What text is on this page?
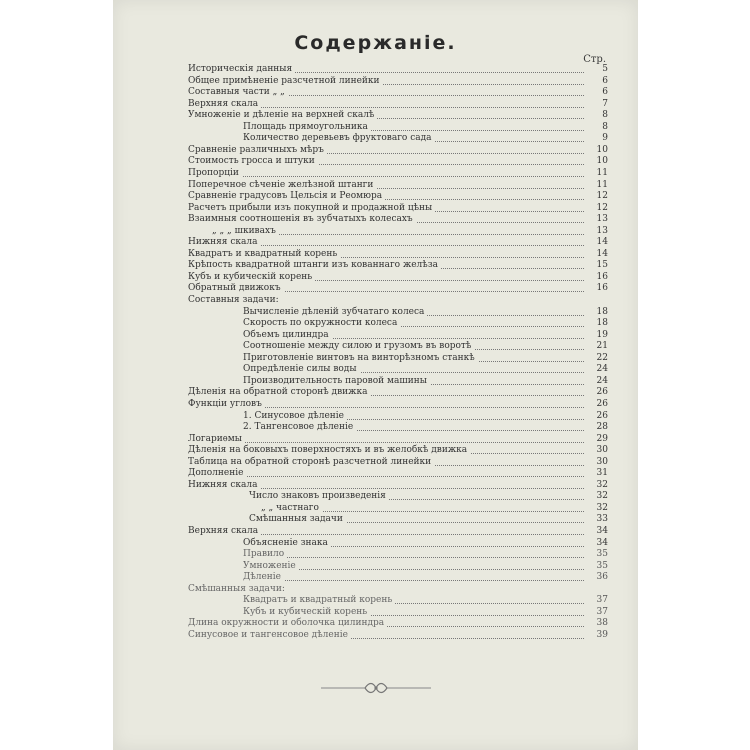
Содержаніе.
Стр.
Историческія данныя	5
Общее примѣненіе разсчетной линейки	6
Составныя части „ „	6
Верхняя скала	7
Умноженіе и дѣленіе на верхней скалѣ	8
Площадь прямоугольника	8
Количество деревьевъ фруктоваго сада	9
Сравненіе различныхъ мѣръ	10
Стоимость гросса и штуки	10
Пропорціи	11
Поперечное сѣченіе желѣзной штанги	11
Сравненіе градусовъ Цельсія и Реомюра	12
Расчетъ прибыли изъ покупной и продажной цѣны	12
Взаимныя соотношенія въ зубчатыхъ колесахъ	13
„ „ „ шкивахъ	13
Нижняя скала	14
Квадратъ и квадратный корень	14
Крѣпость квадратной штанги изъ кованнаго желѣза	15
Кубъ и кубическій корень	16
Обратный движокъ	16
Составныя задачи:
Вычисленіе дѣленій зубчатаго колеса	18
Скорость по окружности колеса	18
Объемъ цилиндра	19
Соотношеніе между силою и грузомъ въ воротѣ	21
Приготовленіе винтовъ на винторѣзномъ станкѣ	22
Опредѣленіе силы воды	24
Производительность паровой машины	24
Дѣленія на обратной сторонѣ движка	26
Функціи угловъ	26
1. Синусовое дѣленіе	26
2. Тангенсовое дѣленіе	28
Логариѳмы	29
Дѣленія на боковыхъ поверхностяхъ и въ желобкѣ движка	30
Таблица на обратной сторонѣ разсчетной линейки	30
Дополненіе	31
Нижняя скала	32
Число знаковъ произведенія	32
„ „ частнаго	32
Смѣшанныя задачи	33
Верхняя скала	34
Объясненіе знака	34
Правило	35
Умноженіе	35
Дѣленіе	36
Смѣшанныя задачи:
Квадратъ и квадратный корень	37
Кубъ и кубическій корень	37
Длина окружности и оболочка цилиндра	38
Синусовое и тангенсовое дѣленіе	39
